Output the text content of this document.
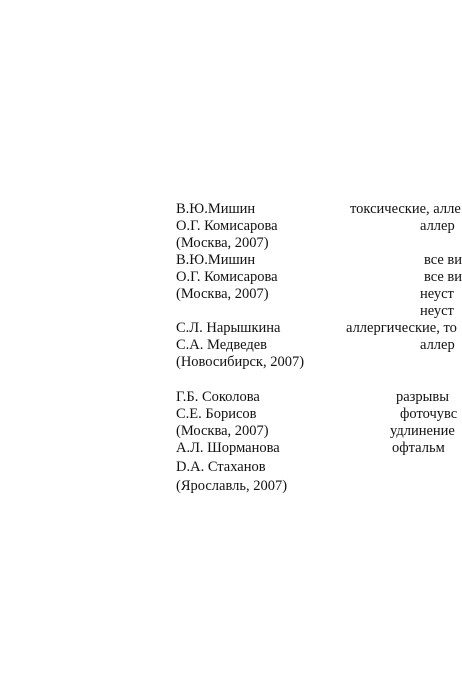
В.Ю.Мишин
О.Г. Комисарова
(Москва, 2007)
токсические, алле
аллер
В.Ю.Мишин
О.Г. Комисарова
(Москва, 2007)
все ви
все ви
неуст
неуст
С.Л. Нарышкина
С.А. Медведев
(Новосибирск, 2007)
аллергические, то
аллер
Г.Б. Соколова
С.Е. Борисов
(Москва, 2007)
А.Л. Шорманова
D.А. Стаханов
(Ярославль, 2007)
разрывы
фоточувс
удлинение
офтальм
